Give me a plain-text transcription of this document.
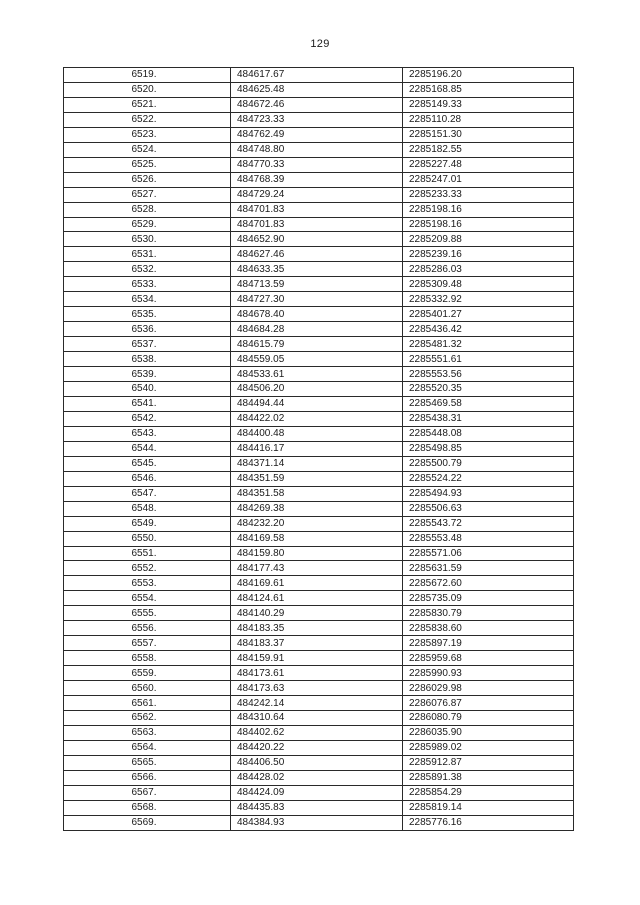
129
6519.	484617.67	2285196.20
6520.	484625.48	2285168.85
6521.	484672.46	2285149.33
6522.	484723.33	2285110.28
6523.	484762.49	2285151.30
6524.	484748.80	2285182.55
6525.	484770.33	2285227.48
6526.	484768.39	2285247.01
6527.	484729.24	2285233.33
6528.	484701.83	2285198.16
6529.	484701.83	2285198.16
6530.	484652.90	2285209.88
6531.	484627.46	2285239.16
6532.	484633.35	2285286.03
6533.	484713.59	2285309.48
6534.	484727.30	2285332.92
6535.	484678.40	2285401.27
6536.	484684.28	2285436.42
6537.	484615.79	2285481.32
6538.	484559.05	2285551.61
6539.	484533.61	2285553.56
6540.	484506.20	2285520.35
6541.	484494.44	2285469.58
6542.	484422.02	2285438.31
6543.	484400.48	2285448.08
6544.	484416.17	2285498.85
6545.	484371.14	2285500.79
6546.	484351.59	2285524.22
6547.	484351.58	2285494.93
6548.	484269.38	2285506.63
6549.	484232.20	2285543.72
6550.	484169.58	2285553.48
6551.	484159.80	2285571.06
6552.	484177.43	2285631.59
6553.	484169.61	2285672.60
6554.	484124.61	2285735.09
6555.	484140.29	2285830.79
6556.	484183.35	2285838.60
6557.	484183.37	2285897.19
6558.	484159.91	2285959.68
6559.	484173.61	2285990.93
6560.	484173.63	2286029.98
6561.	484242.14	2286076.87
6562.	484310.64	2286080.79
6563.	484402.62	2286035.90
6564.	484420.22	2285989.02
6565.	484406.50	2285912.87
6566.	484428.02	2285891.38
6567.	484424.09	2285854.29
6568.	484435.83	2285819.14
6569.	484384.93	2285776.16
